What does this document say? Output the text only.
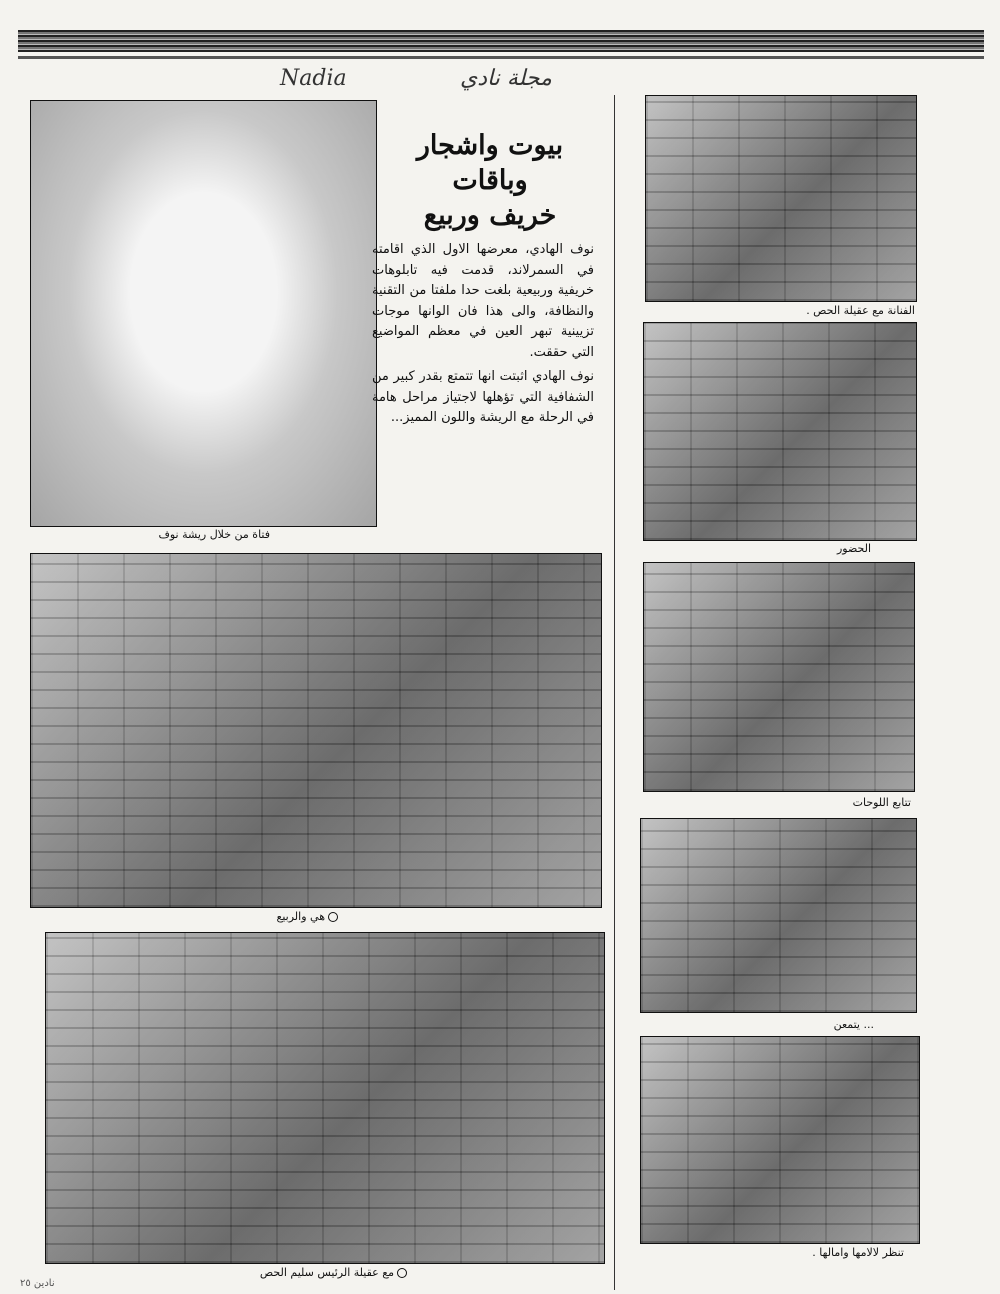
Nadia	مجلة نادي
فتاة من خلال ريشة نوف
بيوت واشجار
وباقات
خريف وربيع

نوف الهادي، معرضها الاول الذي اقامته في السمرلاند، قدمت فيه تابلوهات خريفية وربيعية بلغت حدا ملفتا من التقنية والنظافة، والى هذا فان الوانها موجات تزيينية تبهر العين في معظم المواضيع التي حققت.

نوف الهادي اثبتت انها تتمتع بقدر كبير من الشفافية التي تؤهلها لاجتياز مراحل هامة في الرحلة مع الريشة واللون المميز...

هي والربيع
مع عقيلة الرئيس سليم الحص
الفنانة مع عقيلة الحص .
الحضور
تتابع اللوحات
... يتمعن
تنظر لالامها وامالها .
نادين ٢٥
